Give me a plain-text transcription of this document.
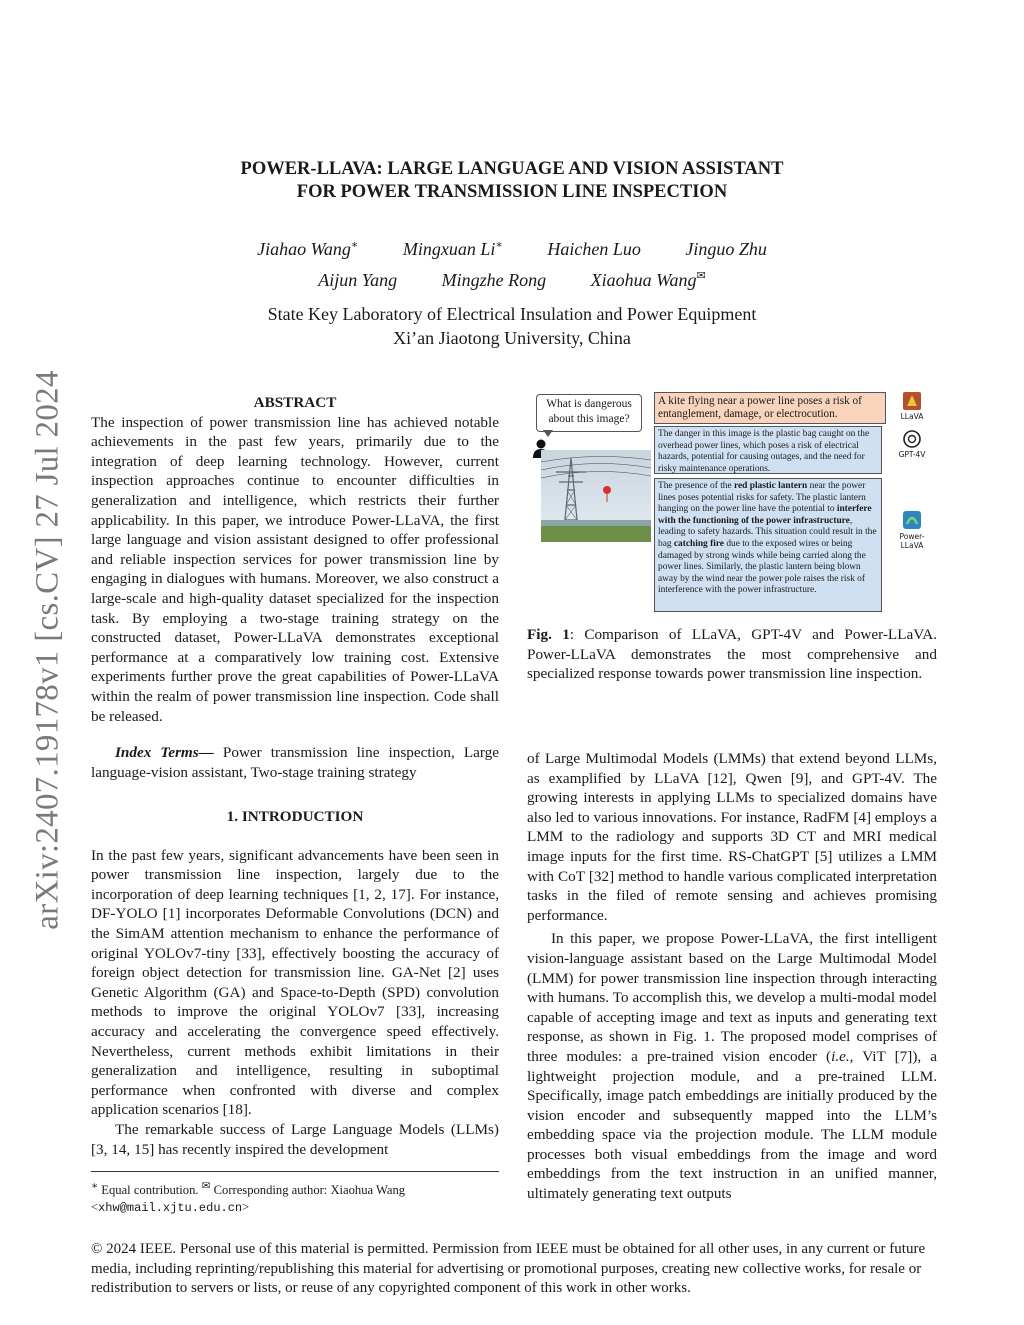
arXiv:2407.19178v1 [cs.CV] 27 Jul 2024
POWER-LLAVA: LARGE LANGUAGE AND VISION ASSISTANT
FOR POWER TRANSMISSION LINE INSPECTION
Jiahao Wang∗ Mingxuan Li∗ Haichen Luo Jinguo Zhu
Aijun Yang Mingzhe Rong Xiaohua Wang✉
State Key Laboratory of Electrical Insulation and Power Equipment
Xi’an Jiaotong University, China
ABSTRACT

The inspection of power transmission line has achieved notable achievements in the past few years, primarily due to the integration of deep learning technology. However, current inspection approaches continue to encounter difficulties in generalization and intelligence, which restricts their further applicability. In this paper, we introduce Power-LLaVA, the first large language and vision assistant designed to offer professional and reliable inspection services for power transmission line by engaging in dialogues with humans. Moreover, we also construct a large-scale and high-quality dataset specialized for the inspection task. By employing a two-stage training strategy on the constructed dataset, Power-LLaVA demonstrates exceptional performance at a comparatively low training cost. Extensive experiments further prove the great capabilities of Power-LLaVA within the realm of power transmission line inspection. Code shall be released.

Index Terms— Power transmission line inspection, Large language-vision assistant, Two-stage training strategy

1. INTRODUCTION

In the past few years, significant advancements have been seen in power transmission line inspection, largely due to the incorporation of deep learning techniques [1, 2, 17]. For instance, DF-YOLO [1] incorporates Deformable Convolutions (DCN) and the SimAM attention mechanism to enhance the performance of original YOLOv7-tiny [33], effectively boosting the accuracy of foreign object detection for transmission line. GA-Net [2] uses Genetic Algorithm (GA) and Space-to-Depth (SPD) convolution methods to improve the original YOLOv7 [33], increasing accuracy and accelerating the convergence speed effectively. Nevertheless, current methods exhibit limitations in their generalization and intelligence, resulting in suboptimal performance when confronted with diverse and complex application scenarios [18].

The remarkable success of Large Language Models (LLMs) [3, 14, 15] has recently inspired the development

∗ Equal contribution. ✉ Corresponding author: Xiaohua Wang <xhw@mail.xjtu.edu.cn>
What is dangerous about this image?
A kite flying near a power line poses a risk of entanglement, damage, or electrocution.
The danger in this image is the plastic bag caught on the overhead power lines, which poses a risk of electrical hazards, potential for causing outages, and the need for risky maintenance operations.
The presence of the red plastic lantern near the power lines poses potential risks for safety. The plastic lantern hanging on the power line have the potential to interfere with the functioning of the power infrastructure, leading to safety hazards. This situation could result in the bag catching fire due to the exposed wires or being damaged by strong winds while being carried along the power lines. Similarly, the plastic lantern being blown away by the wind near the power pole raises the risk of interference with the power infrastructure.
LLaVA
GPT-4V
Power-LLaVA
Fig. 1: Comparison of LLaVA, GPT-4V and Power-LLaVA. Power-LLaVA demonstrates the most comprehensive and specialized response towards power transmission line inspection.

of Large Multimodal Models (LMMs) that extend beyond LLMs, as examplified by LLaVA [12], Qwen [9], and GPT-4V. The growing interests in applying LLMs to specialized domains have also led to various innovations. For instance, RadFM [4] employs a LMM to the radiology and supports 3D CT and MRI medical image inputs for the first time. RS-ChatGPT [5] utilizes a LMM with CoT [32] method to handle various complicated interpretation tasks in the filed of remote sensing and achieves promising performance.

In this paper, we propose Power-LLaVA, the first intelligent vision-language assistant based on the Large Multimodal Model (LMM) for power transmission line inspection through interacting with humans. To accomplish this, we develop a multi-modal model capable of accepting image and text as inputs and generating text response, as shown in Fig. 1. The proposed model comprises of three modules: a pre-trained vision encoder (i.e., ViT [7]), a lightweight projection module, and a pre-trained LLM. Specifically, image patch embeddings are initially produced by the vision encoder and subsequently mapped into the LLM’s embedding space via the projection module. The LLM module processes both visual embeddings from the image and word embeddings from the text instruction in an unified manner, ultimately generating text outputs

© 2024 IEEE. Personal use of this material is permitted. Permission from IEEE must be obtained for all other uses, in any current or future media, including reprinting/republishing this material for advertising or promotional purposes, creating new collective works, for resale or redistribution to servers or lists, or reuse of any copyrighted component of this work in other works.
